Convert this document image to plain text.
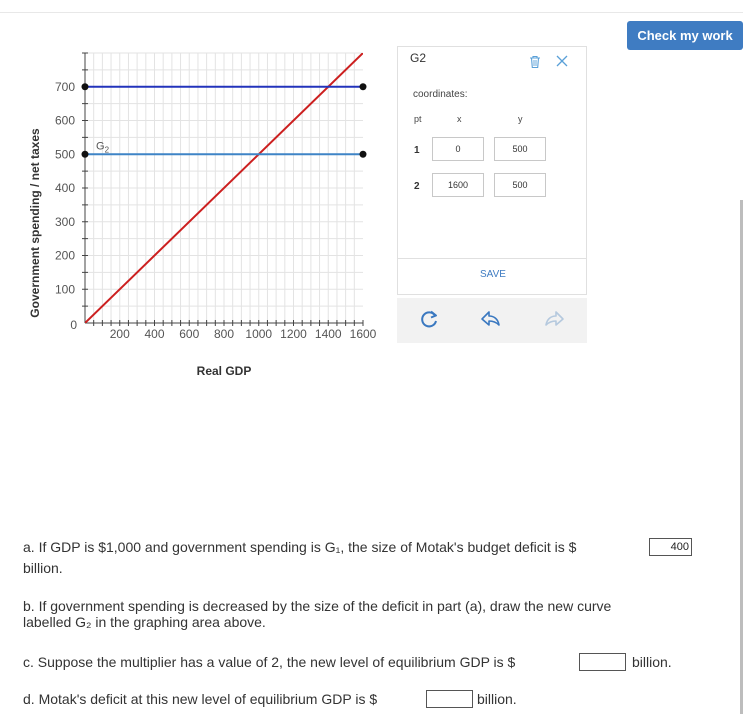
Check my work
Government spending / net taxes 100
200
300
400
500
600
700
200 400 600 800 1000 1200 1400 1600
0
$G_2$
Real GDP
G2
coordinates:
pt	x	y
1	0	500
2	1600	500
SAVE
a. If GDP is $1,000 and government spending is G₁, the size of Motak's budget deficit is $
400
billion.
b. If government spending is decreased by the size of the deficit in part (a), draw the new curve
labelled G₂ in the graphing area above.
c. Suppose the multiplier has a value of 2, the new level of equilibrium GDP is $	billion.
d. Motak's deficit at this new level of equilibrium GDP is $	billion.
